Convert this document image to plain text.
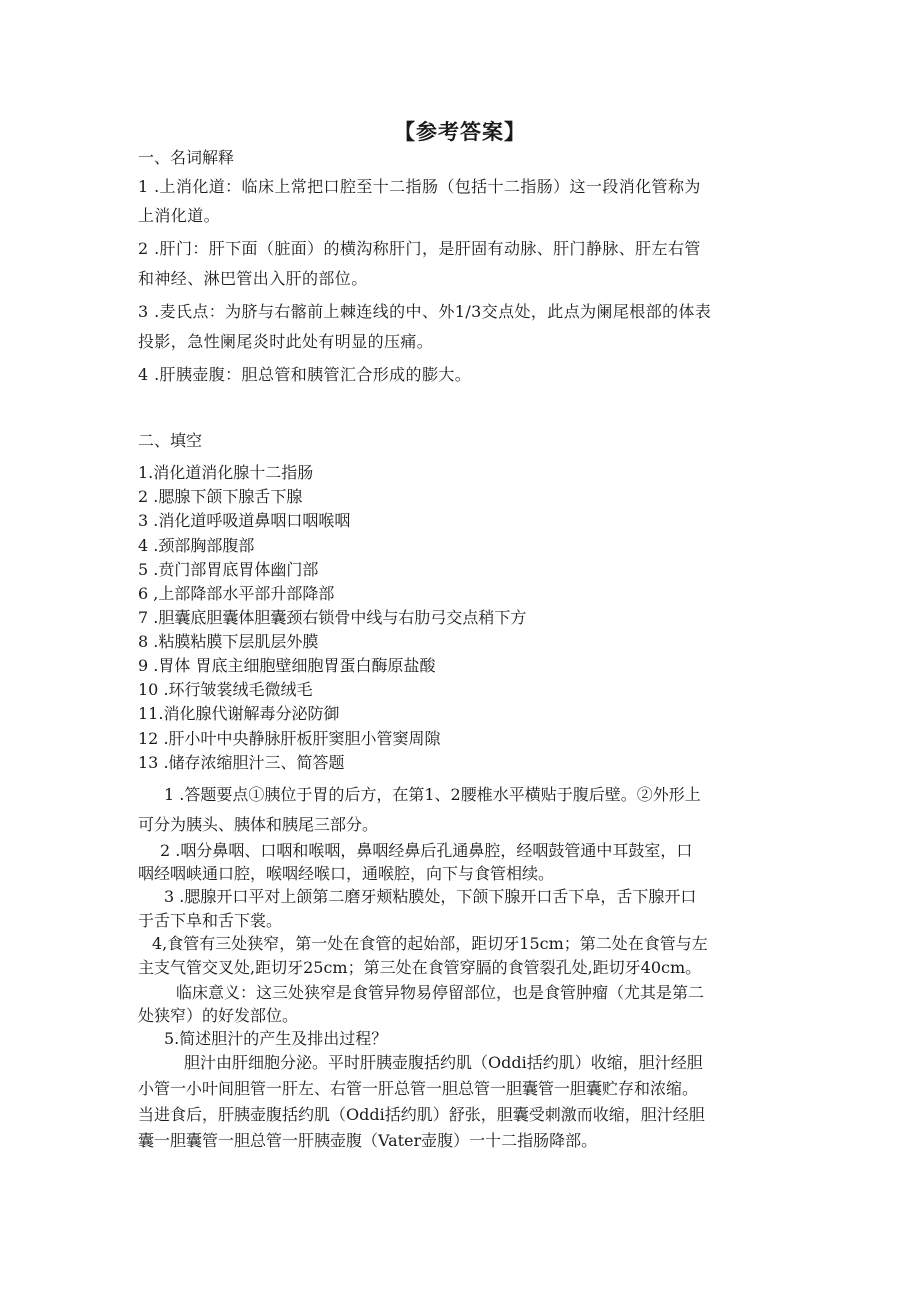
【参考答案】
一、名词解释
1 .上消化道：临床上常把口腔至十二指肠（包括十二指肠）这一段消化管称为
上消化道。
2 .肝门：肝下面（脏面）的横沟称肝门，是肝固有动脉、肝门静脉、肝左右管
和神经、淋巴管出入肝的部位。
3 .麦氏点：为脐与右髂前上棘连线的中、外1/3交点处，此点为阑尾根部的体表
投影，急性阑尾炎时此处有明显的压痛。
4 .肝胰壶腹：胆总管和胰管汇合形成的膨大。
二、填空
1.消化道消化腺十二指肠
2 .腮腺下颌下腺舌下腺
3 .消化道呼吸道鼻咽口咽喉咽
4 .颈部胸部腹部
5 .贲门部胃底胃体幽门部
6 ,上部降部水平部升部降部
7 .胆囊底胆囊体胆囊颈右锁骨中线与右肋弓交点稍下方
8 .粘膜粘膜下层肌层外膜
9 .胃体 胃底主细胞壁细胞胃蛋白酶原盐酸
10 .环行皱裳绒毛微绒毛
11.消化腺代谢解毒分泌防御
12 .肝小叶中央静脉肝板肝窦胆小管窦周隙
13 .储存浓缩胆汁三、简答题
1 .答题要点①胰位于胃的后方，在第1、2腰椎水平横贴于腹后壁。②外形上
可分为胰头、胰体和胰尾三部分。
2 .咽分鼻咽、口咽和喉咽，鼻咽经鼻后孔通鼻腔，经咽鼓管通中耳鼓室，口
咽经咽峡通口腔，喉咽经喉口，通喉腔，向下与食管相续。
3 .腮腺开口平对上颌第二磨牙颊粘膜处，下颌下腺开口舌下阜，舌下腺开口
于舌下阜和舌下裳。
4,食管有三处狭窄，第一处在食管的起始部，距切牙15cm；第二处在食管与左
主支气管交叉处,距切牙25cm；第三处在食管穿膈的食管裂孔处,距切牙40cm。
临床意义：这三处狭窄是食管异物易停留部位，也是食管肿瘤（尤其是第二
处狭窄）的好发部位。
5.简述胆汁的产生及排出过程？
胆汁由肝细胞分泌。平时肝胰壶腹括约肌（Oddi括约肌）收缩，胆汁经胆
小管一小叶间胆管一肝左、右管一肝总管一胆总管一胆囊管一胆囊贮存和浓缩。
当进食后，肝胰壶腹括约肌（Oddi括约肌）舒张，胆囊受刺激而收缩，胆汁经胆
囊一胆囊管一胆总管一肝胰壶腹（Vater壶腹）一十二指肠降部。
